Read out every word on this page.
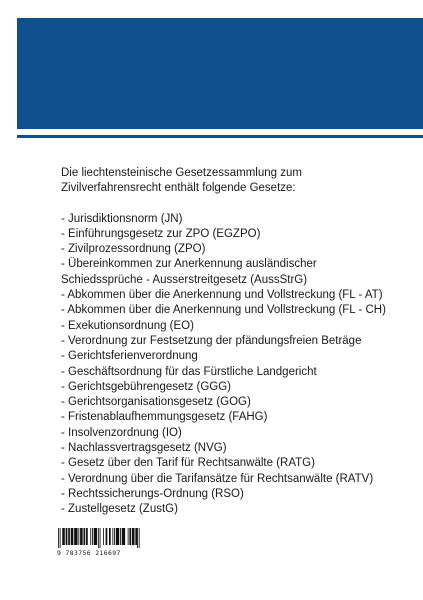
Die liechtensteinische Gesetzessammlung zum Zivilverfahrensrecht enthält folgende Gesetze:

- Jurisdiktionsnorm (JN)
- Einführungsgesetz zur ZPO (EGZPO)
- Zivilprozessordnung (ZPO)
- Übereinkommen zur Anerkennung ausländischer Schiedssprüche - Ausserstreitgesetz (AussStrG)
- Abkommen über die Anerkennung und Vollstreckung (FL - AT)
- Abkommen über die Anerkennung und Vollstreckung (FL - CH)
- Exekutionsordnung (EO)
- Verordnung zur Festsetzung der pfändungsfreien Beträge
- Gerichtsferienverordnung
- Geschäftsordnung für das Fürstliche Landgericht
- Gerichtsgebührengesetz (GGG)
- Gerichtsorganisationsgesetz (GOG)
- Fristenablaufhemmungsgesetz (FAHG)
- Insolvenzordnung (IO)
- Nachlassvertragsgesetz (NVG)
- Gesetz über den Tarif für Rechtsanwälte (RATG)
- Verordnung über die Tarifansätze für Rechtsanwälte (RATV)
- Rechtssicherungs-Ordnung (RSO)
- Zustellgesetz (ZustG)
9 783756 216697
